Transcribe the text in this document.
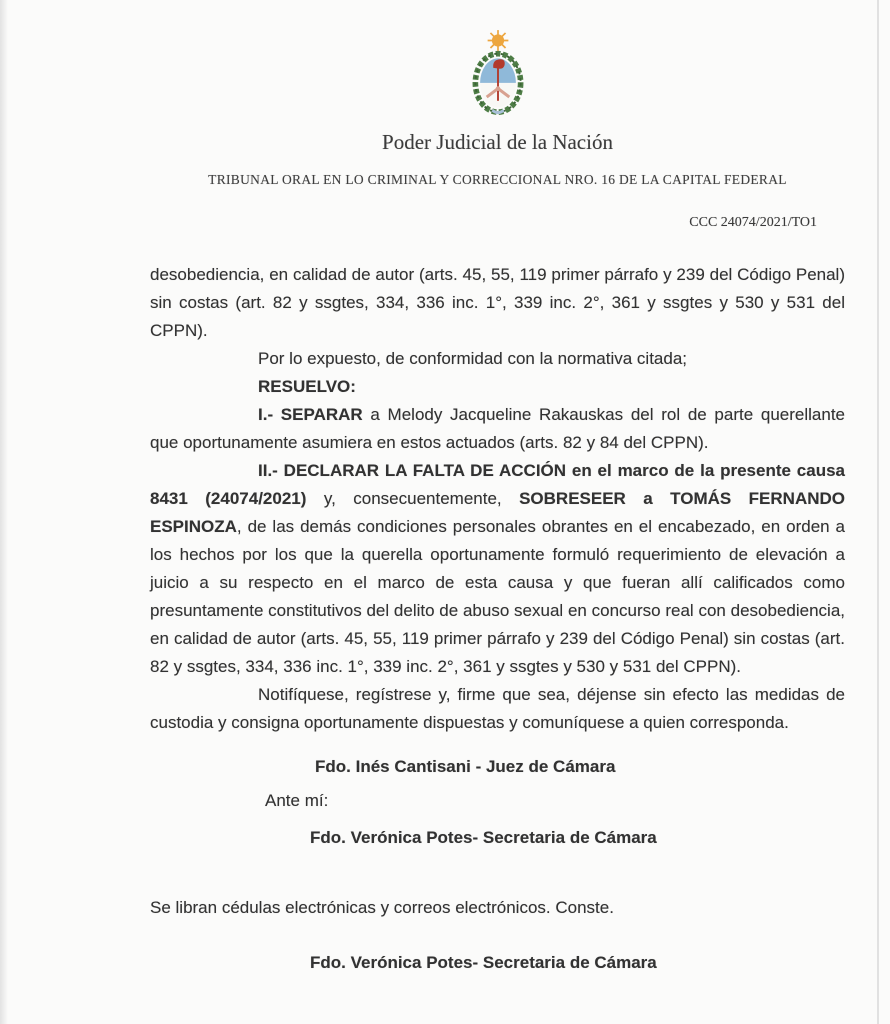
Poder Judicial de la Nación
TRIBUNAL ORAL EN LO CRIMINAL Y CORRECCIONAL NRO. 16 DE LA CAPITAL FEDERAL
CCC 24074/2021/TO1

desobediencia, en calidad de autor (arts. 45, 55, 119 primer párrafo y 239 del Código Penal) sin costas (art. 82 y ssgtes, 334, 336 inc. 1°, 339 inc. 2°, 361 y ssgtes y 530 y 531 del CPPN).

Por lo expuesto, de conformidad con la normativa citada;

RESUELVO:

I.- SEPARAR a Melody Jacqueline Rakauskas del rol de parte querellante que oportunamente asumiera en estos actuados (arts. 82 y 84 del CPPN).

II.- DECLARAR LA FALTA DE ACCIÓN en el marco de la presente causa 8431 (24074/2021) y, consecuentemente, SOBRESEER a TOMÁS FERNANDO ESPINOZA, de las demás condiciones personales obrantes en el encabezado, en orden a los hechos por los que la querella oportunamente formuló requerimiento de elevación a juicio a su respecto en el marco de esta causa y que fueran allí calificados como presuntamente constitutivos del delito de abuso sexual en concurso real con desobediencia, en calidad de autor (arts. 45, 55, 119 primer párrafo y 239 del Código Penal) sin costas (art. 82 y ssgtes, 334, 336 inc. 1°, 339 inc. 2°, 361 y ssgtes y 530 y 531 del CPPN).

Notifíquese, regístrese y, firme que sea, déjense sin efecto las medidas de custodia y consigna oportunamente dispuestas y comuníquese a quien corresponda.

Fdo. Inés Cantisani - Juez de Cámara
Ante mí:
Fdo. Verónica Potes- Secretaria de Cámara
Se libran cédulas electrónicas y correos electrónicos. Conste.
Fdo. Verónica Potes- Secretaria de Cámara
